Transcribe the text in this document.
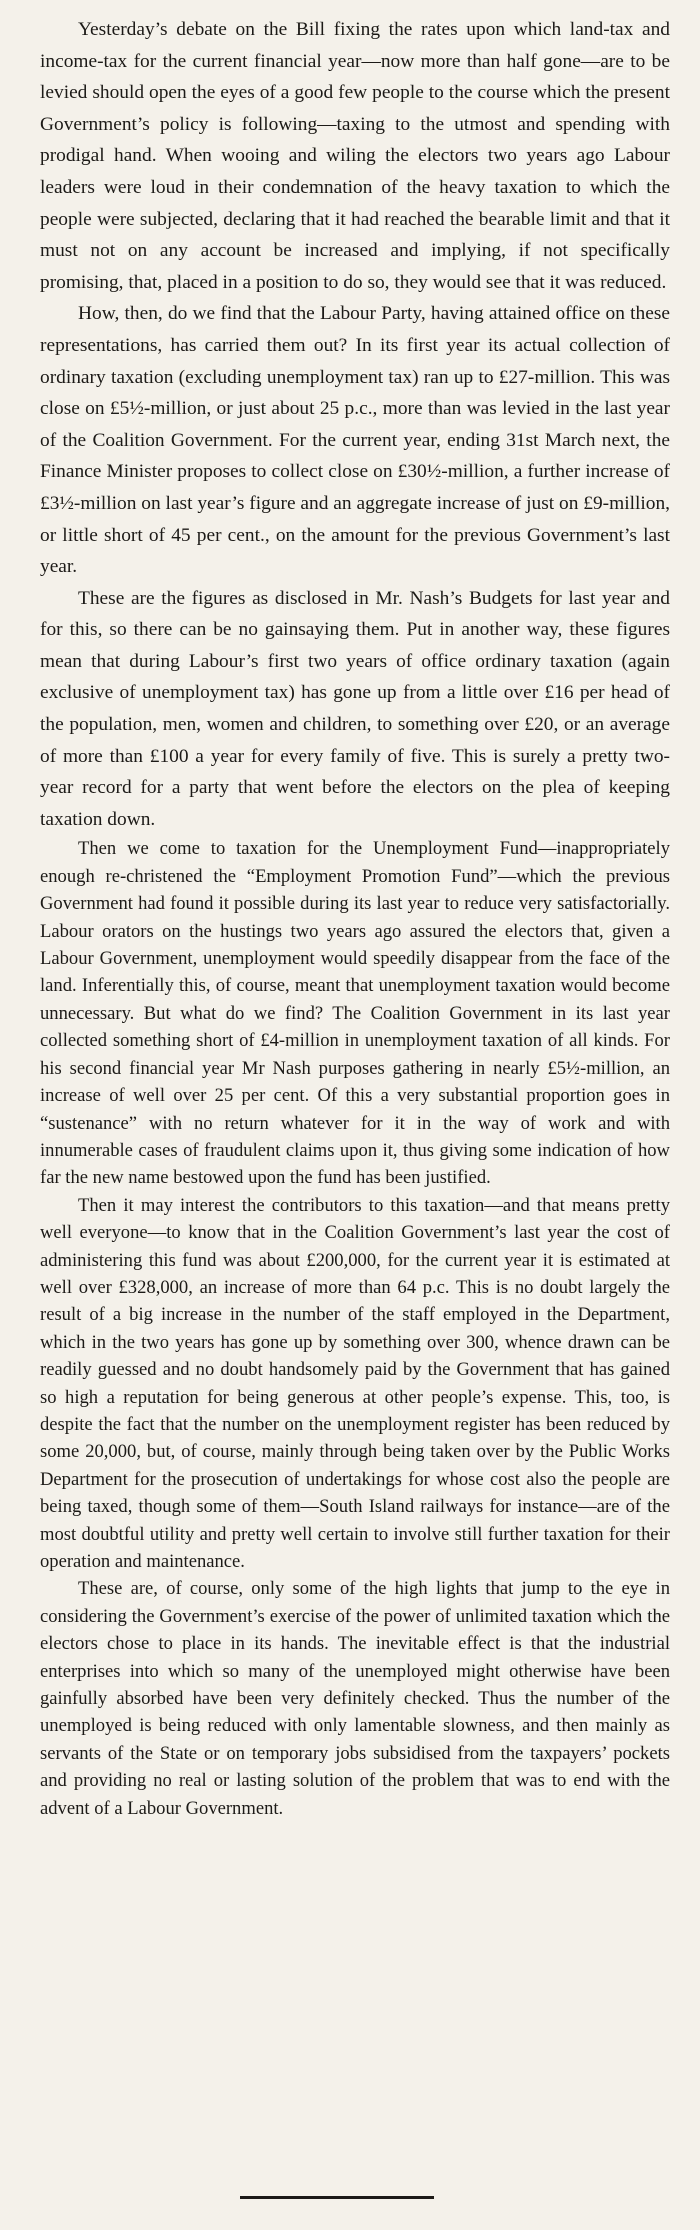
Yesterday’s debate on the Bill fixing the rates upon which land-tax and income-tax for the current financial year—now more than half gone—are to be levied should open the eyes of a good few people to the course which the present Government’s policy is following—taxing to the utmost and spending with prodigal hand. When wooing and wiling the electors two years ago Labour leaders were loud in their condemnation of the heavy taxation to which the people were subjected, declaring that it had reached the bearable limit and that it must not on any account be increased and implying, if not specifically promising, that, placed in a position to do so, they would see that it was reduced.

How, then, do we find that the Labour Party, having attained office on these representations, has carried them out? In its first year its actual collection of ordinary taxation (excluding unemployment tax) ran up to £27-million. This was close on £5½-million, or just about 25 p.c., more than was levied in the last year of the Coalition Government. For the current year, ending 31st March next, the Finance Minister proposes to collect close on £30½-million, a further increase of £3½-million on last year’s figure and an aggregate increase of just on £9-million, or little short of 45 per cent., on the amount for the previous Government’s last year.

These are the figures as disclosed in Mr. Nash’s Budgets for last year and for this, so there can be no gainsaying them. Put in another way, these figures mean that during Labour’s first two years of office ordinary taxation (again exclusive of unemployment tax) has gone up from a little over £16 per head of the population, men, women and children, to something over £20, or an average of more than £100 a year for every family of five. This is surely a pretty two-year record for a party that went before the electors on the plea of keeping taxation down.

Then we come to taxation for the Unemployment Fund—inappropriately enough re-christened the “Employment Promotion Fund”—which the previous Government had found it possible during its last year to reduce very satisfactorially. Labour orators on the hustings two years ago assured the electors that, given a Labour Government, unemployment would speedily disappear from the face of the land. Inferentially this, of course, meant that unemployment taxation would become unnecessary. But what do we find? The Coalition Government in its last year collected something short of £4-million in unemployment taxation of all kinds. For his second financial year Mr Nash purposes gathering in nearly £5½-million, an increase of well over 25 per cent. Of this a very substantial proportion goes in “sustenance” with no return whatever for it in the way of work and with innumerable cases of fraudulent claims upon it, thus giving some indication of how far the new name bestowed upon the fund has been justified.

Then it may interest the contributors to this taxation—and that means pretty well everyone—to know that in the Coalition Government’s last year the cost of administering this fund was about £200,000, for the current year it is estimated at well over £328,000, an increase of more than 64 p.c. This is no doubt largely the result of a big increase in the number of the staff employed in the Department, which in the two years has gone up by something over 300, whence drawn can be readily guessed and no doubt handsomely paid by the Government that has gained so high a reputation for being generous at other people’s expense. This, too, is despite the fact that the number on the unemployment register has been reduced by some 20,000, but, of course, mainly through being taken over by the Public Works Department for the prosecution of undertakings for whose cost also the people are being taxed, though some of them—South Island railways for instance—are of the most doubtful utility and pretty well certain to involve still further taxation for their operation and maintenance.

These are, of course, only some of the high lights that jump to the eye in considering the Government’s exercise of the power of unlimited taxation which the electors chose to place in its hands. The inevitable effect is that the industrial enterprises into which so many of the unemployed might otherwise have been gainfully absorbed have been very definitely checked. Thus the number of the unemployed is being reduced with only lamentable slowness, and then mainly as servants of the State or on temporary jobs subsidised from the taxpayers’ pockets and providing no real or lasting solution of the problem that was to end with the advent of a Labour Government.
